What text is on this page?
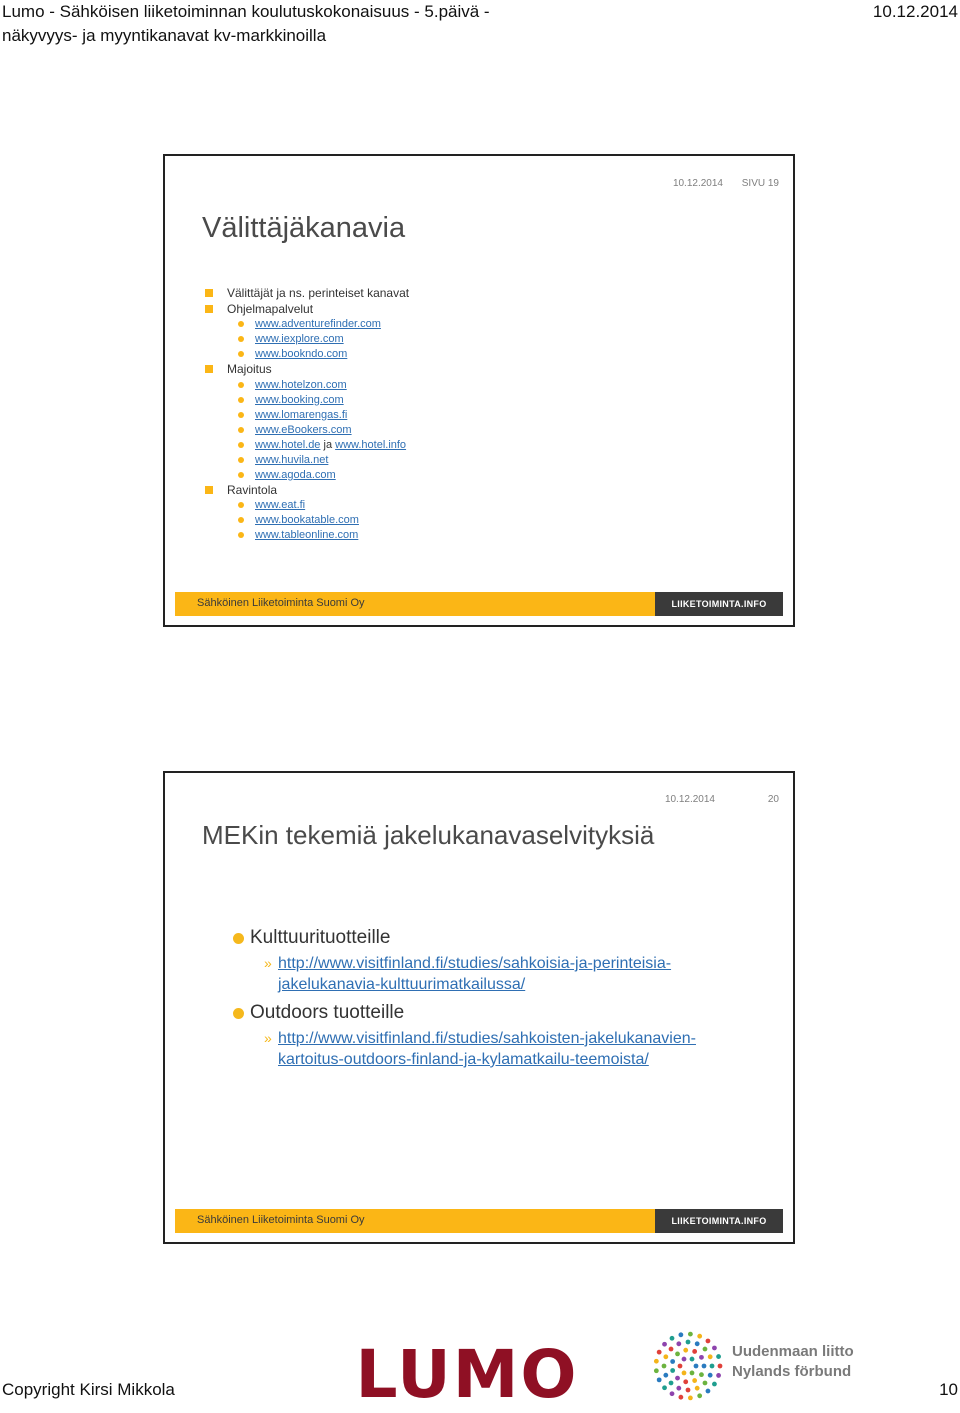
Lumo - Sähköisen liiketoiminnan koulutuskokonaisuus - 5.päivä -
näkyvyys- ja myyntikanavat kv-markkinoilla
10.12.2014
10.12.2014 SIVU 19
Välittäjäkanavia
Välittäjät ja ns. perinteiset kanavat
Ohjelmapalvelut
www.adventurefinder.com
www.iexplore.com
www.bookndo.com
Majoitus
www.hotelzon.com
www.booking.com
www.lomarengas.fi
www.eBookers.com
www.hotel.de ja www.hotel.info
www.huvila.net
www.agoda.com
Ravintola
www.eat.fi
www.bookatable.com
www.tableonline.com
Sähköinen Liiketoiminta Suomi Oy	LIIKETOIMINTA.INFO
10.12.2014	20
MEKin tekemiä jakelukanavaselvityksiä
Kulttuurituotteille
» http://www.visitfinland.fi/studies/sahkoisia-ja-perinteisia-jakelukanavia-kulttuurimatkailussa/
Outdoors tuotteille
» http://www.visitfinland.fi/studies/sahkoisten-jakelukanavien-kartoitus-outdoors-finland-ja-kylamatkailu-teemoista/
Sähköinen Liiketoiminta Suomi Oy	LIIKETOIMINTA.INFO
Copyright Kirsi Mikkola	LUMO	Uudenmaan liitto
Nylands förbund
10
